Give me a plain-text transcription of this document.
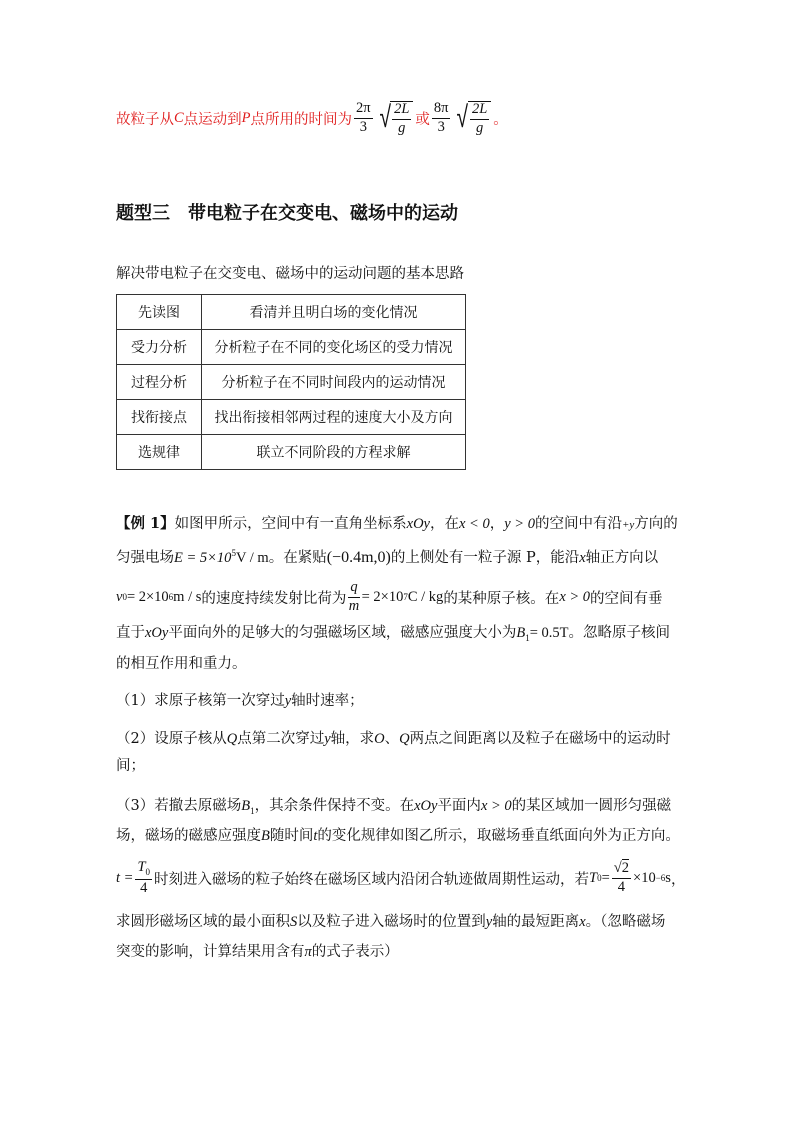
故粒子从 C 点运动到 P 点所用的时间为 $\frac{2\pi}{3}$ √ $\frac{2L}{g}$ 或 $\frac{8\pi}{3}$ √ $\frac{2L}{g}$ 。
题型三　带电粒子在交变电、磁场中的运动
解决带电粒子在交变电、磁场中的运动问题的基本思路
先读图	看清并且明白场的变化情况
受力分析	分析粒子在不同的变化场区的受力情况
过程分析	分析粒子在不同时间段内的运动情况
找衔接点	找出衔接相邻两过程的速度大小及方向
选规律	联立不同阶段的方程求解
【例 1】如图甲所示，空间中有一直角坐标系xOy，在x < 0，y > 0的空间中有沿+y方向的
匀强电场$E = 5\times 10^5V / m$。在紧贴(−0.4m,0)的上侧处有一粒子源 P，能沿x轴正方向以
v 0 = 2×10 6 m / s 的速度持续发射比荷为 $\frac{q}{m} = 2\times 10$ 7 C / kg 的某种原子核。在 x > 0 的空间有垂
直于xOy平面向外的足够大的匀强磁场区域，磁感应强度大小为$B_1= 0.5T$。忽略原子核间
的相互作用和重力。
（1）求原子核第一次穿过y轴时速率；
（2）设原子核从Q点第二次穿过y轴，求O、Q两点之间距离以及粒子在磁场中的运动时
间；
（3）若撤去原磁场$B_1$，其余条件保持不变。在xOy平面内x > 0的某区域加一圆形匀强磁
场，磁场的磁感应强度B随时间t的变化规律如图乙所示，取磁场垂直纸面向外为正方向。
$t = \frac{T_0}{4}$ 时刻进入磁场的粒子始终在磁场区域内沿闭合轨迹做周期性运动，若 T $0 = \frac{√2}{4} \times 10 -6$ s ，
求圆形磁场区域的最小面积S以及粒子进入磁场时的位置到y轴的最短距离x。（忽略磁场
突变的影响，计算结果用含有π的式子表示）
